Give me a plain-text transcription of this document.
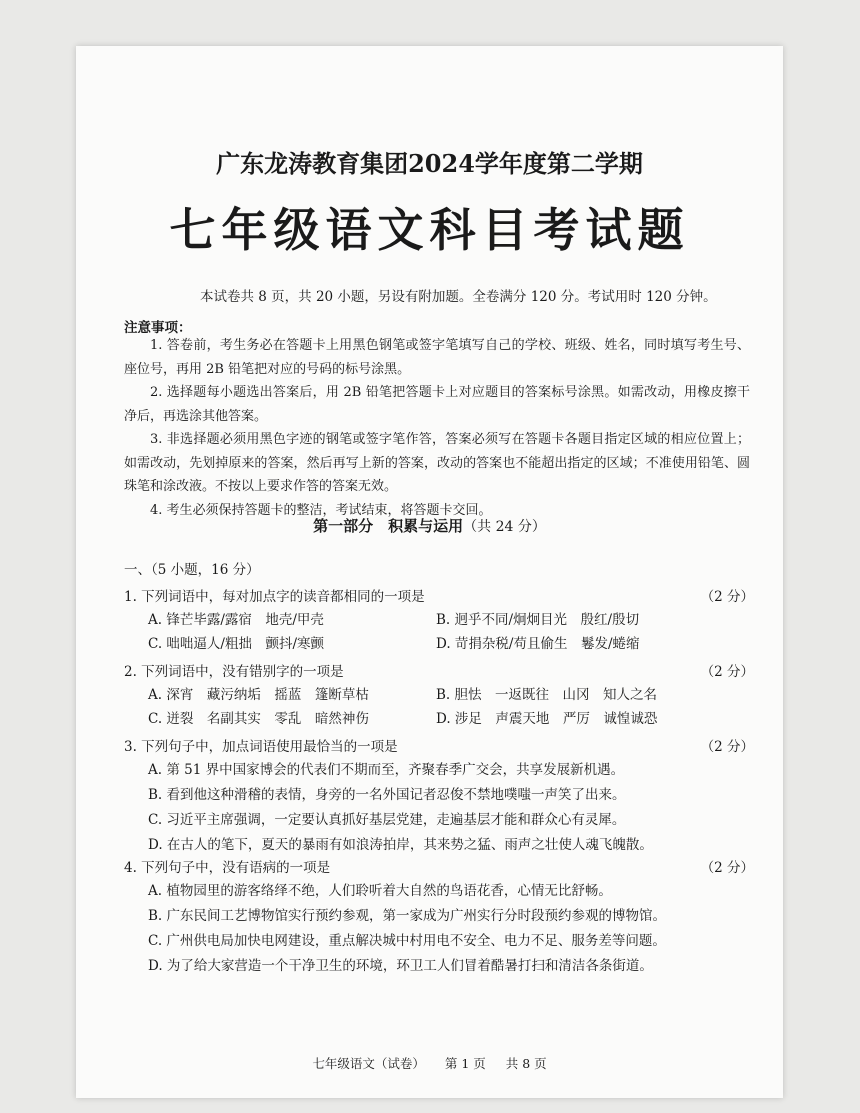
广东龙涛教育集团2024学年度第二学期
七年级语文科目考试题
本试卷共 8 页，共 20 小题，另设有附加题。全卷满分 120 分。考试用时 120 分钟。
注意事项：

1. 答卷前，考生务必在答题卡上用黑色钢笔或签字笔填写自己的学校、班级、姓名，同时填写考生号、座位号，再用 2B 铅笔把对应的号码的标号涂黑。

2. 选择题每小题选出答案后，用 2B 铅笔把答题卡上对应题目的答案标号涂黑。如需改动，用橡皮擦干净后，再选涂其他答案。

3. 非选择题必须用黑色字迹的钢笔或签字笔作答，答案必须写在答题卡各题目指定区域的相应位置上；如需改动，先划掉原来的答案，然后再写上新的答案，改动的答案也不能超出指定的区域；不准使用铅笔、圆珠笔和涂改液。不按以上要求作答的答案无效。

4. 考生必须保持答题卡的整洁，考试结束，将答题卡交回。

第一部分　积累与运用（共 24 分）
一、（5 小题，16 分）
1. 下列词语中，每对加点字的读音都相同的一项是	（2 分）
A. 锋芒毕露/露宿　地壳/甲壳	B. 迥乎不同/炯炯目光　殷红/殷切
C. 咄咄逼人/粗拙　颤抖/寒颤	D. 苛捐杂税/苟且偷生　鬈发/蜷缩
2. 下列词语中，没有错别字的一项是	（2 分）
A. 深宵　藏污纳垢　摇蓝　篷断草枯	B. 胆怯　一返既往　山冈　知人之名
C. 迸裂　名副其实　零乱　暗然神伤	D. 涉足　声震天地　严厉　诚惶诚恐
3. 下列句子中，加点词语使用最恰当的一项是	（2 分）
A. 第 51 界中国家博会的代表们不期而至，齐聚春季广交会，共享发展新机遇。
B. 看到他这种滑稽的表情，身旁的一名外国记者忍俊不禁地噗嗤一声笑了出来。
C. 习近平主席强调，一定要认真抓好基层党建，走遍基层才能和群众心有灵犀。
D. 在古人的笔下，夏天的暴雨有如浪涛拍岸，其来势之猛、雨声之壮使人魂飞魄散。
4. 下列句子中，没有语病的一项是	（2 分）
A. 植物园里的游客络绎不绝，人们聆听着大自然的鸟语花香，心情无比舒畅。
B. 广东民间工艺博物馆实行预约参观，第一家成为广州实行分时段预约参观的博物馆。
C. 广州供电局加快电网建设，重点解决城中村用电不安全、电力不足、服务差等问题。
D. 为了给大家营造一个干净卫生的环境，环卫工人们冒着酷暑打扫和清洁各条街道。
七年级语文（试卷） 第 1 页 共 8 页
